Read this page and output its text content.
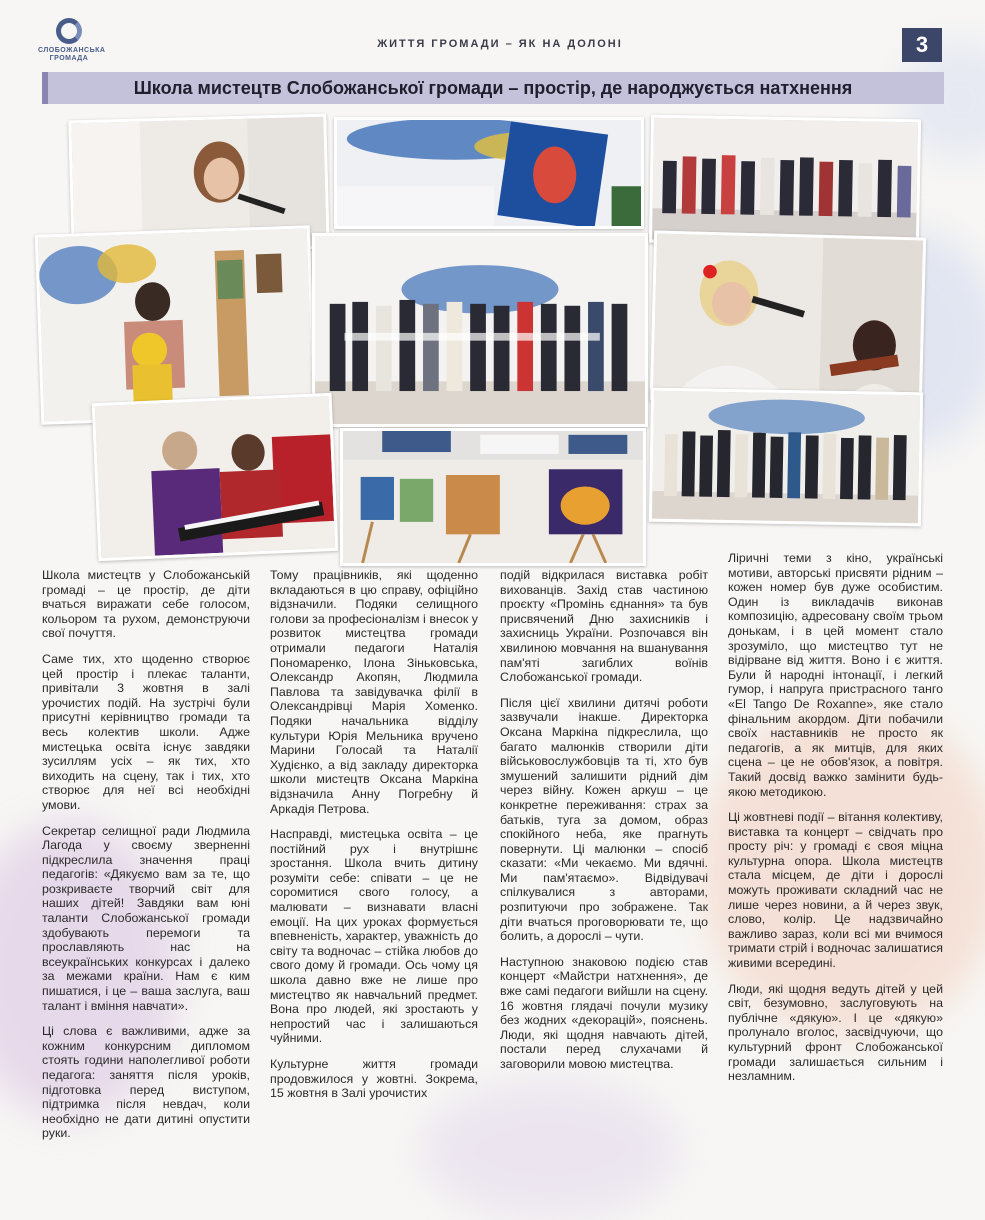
СЛОБОЖАНСЬКА ГРОМАДА
ЖИТТЯ ГРОМАДИ – ЯК НА ДОЛОНІ	3
Школа мистецтв Слобожанської громади – простір, де народжується натхнення

Школа мистецтв у Слобожанській громаді – це простір, де діти вчаться виражати себе голосом, кольором та рухом, демонструючи свої почуття.

Саме тих, хто щоденно створює цей простір і плекає таланти, привітали 3 жовтня в залі урочистих подій. На зустрічі були присутні керівництво громади та весь колектив школи. Адже мистецька освіта існує завдяки зусиллям усіх – як тих, хто виходить на сцену, так і тих, хто створює для неї всі необхідні умови.

Секретар селищної ради Людмила Лагода у своєму зверненні підкреслила значення праці педагогів: «Дякуємо вам за те, що розкриваєте творчий світ для наших дітей! Завдяки вам юні таланти Слобожанської громади здобувають перемоги та прославляють нас на всеукраїнських конкурсах і далеко за межами країни. Нам є ким пишатися, і це – ваша заслуга, ваш талант і вміння навчати».

Ці слова є важливими, адже за кожним конкурсним дипломом стоять години наполегливої роботи педагога: заняття після уроків, підготовка перед виступом, підтримка після невдач, коли необхідно не дати дитині опустити руки.

Тому працівників, які щоденно вкладаються в цю справу, офіційно відзначили. Подяки селищного голови за професіоналізм і внесок у розвиток мистецтва громади отримали педагоги Наталія Пономаренко, Ілона Зіньковська, Олександр Акопян, Людмила Павлова та завідувачка філії в Олександрівці Марія Хоменко. Подяки начальника відділу культури Юрія Мельника вручено Марини Голосай та Наталії Худієнко, а від закладу директорка школи мистецтв Оксана Маркіна відзначила Анну Погребну й Аркадія Петрова.

Насправді, мистецька освіта – це постійний рух і внутрішнє зростання. Школа вчить дитину розуміти себе: співати – це не соромитися свого голосу, а малювати – визнавати власні емоції. На цих уроках формується впевненість, характер, уважність до світу та водночас – стійка любов до свого дому й громади. Ось чому ця школа давно вже не лише про мистецтво як навчальний предмет. Вона про людей, які зростають у непростий час і залишаються чуйними.

Культурне життя громади продовжилося у жовтні. Зокрема, 15 жовтня в Залі урочистих

подій відкрилася виставка робіт вихованців. Захід став частиною проєкту «Промінь єднання» та був присвячений Дню захисників і захисниць України. Розпочався він хвилиною мовчання на вшанування пам'яті загиблих воїнів Слобожанської громади.

Після цієї хвилини дитячі роботи зазвучали інакше. Директорка Оксана Маркіна підкреслила, що багато малюнків створили діти військовослужбовців та ті, хто був змушений залишити рідний дім через війну. Кожен аркуш – це конкретне переживання: страх за батьків, туга за домом, образ спокійного неба, яке прагнуть повернути. Ці малюнки – спосіб сказати: «Ми чекаємо. Ми вдячні. Ми пам'ятаємо». Відвідувачі спілкувалися з авторами, розпитуючи про зображене. Так діти вчаться проговорювати те, що болить, а дорослі – чути.

Наступною знаковою подією став концерт «Майстри натхнення», де вже самі педагоги вийшли на сцену. 16 жовтня глядачі почули музику без жодних «декорацій», пояснень. Люди, які щодня навчають дітей, постали перед слухачами й заговорили мовою мистецтва.

Ліричні теми з кіно, українські мотиви, авторські присвяти рідним – кожен номер був дуже особистим. Один із викладачів виконав композицію, адресовану своїм трьом донькам, і в цей момент стало зрозуміло, що мистецтво тут не відірване від життя. Воно і є життя. Були й народні інтонації, і легкий гумор, і напруга пристрасного танго «El Tango De Roxanne», яке стало фінальним акордом. Діти побачили своїх наставників не просто як педагогів, а як митців, для яких сцена – це не обов'язок, а повітря. Такий досвід важко замінити будь-якою методикою.

Ці жовтневі події – вітання колективу, виставка та концерт – свідчать про просту річ: у громаді є своя міцна культурна опора. Школа мистецтв стала місцем, де діти і дорослі можуть проживати складний час не лише через новини, а й через звук, слово, колір. Це надзвичайно важливо зараз, коли всі ми вчимося тримати стрій і водночас залишатися живими всередині.

Люди, які щодня ведуть дітей у цей світ, безумовно, заслуговують на публічне «дякую». І це «дякую» пролунало вголос, засвідчуючи, що культурний фронт Слобожанської громади залишається сильним і незламним.
